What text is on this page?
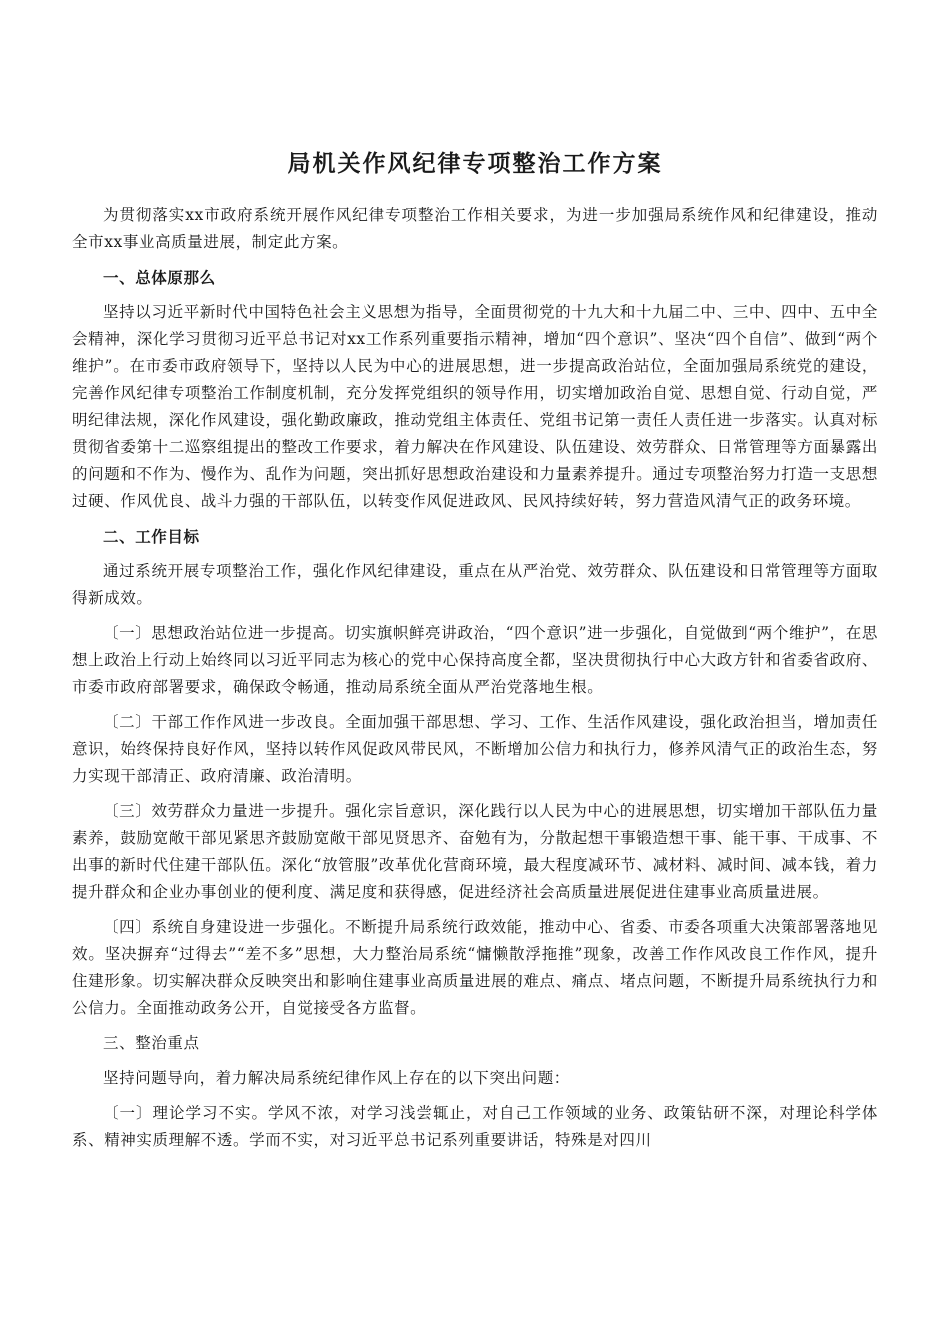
局机关作风纪律专项整治工作方案

为贯彻落实xx市政府系统开展作风纪律专项整治工作相关要求，为进一步加强局系统作风和纪律建设，推动全市xx事业高质量进展，制定此方案。

一、总体原那么

坚持以习近平新时代中国特色社会主义思想为指导，全面贯彻党的十九大和十九届二中、三中、四中、五中全会精神，深化学习贯彻习近平总书记对xx工作系列重要指示精神，增加“四个意识”、坚决“四个自信”、做到“两个维护”。在市委市政府领导下，坚持以人民为中心的进展思想，进一步提高政治站位，全面加强局系统党的建设，完善作风纪律专项整治工作制度机制，充分发挥党组织的领导作用，切实增加政治自觉、思想自觉、行动自觉，严明纪律法规，深化作风建设，强化勤政廉政，推动党组主体责任、党组书记第一责任人责任进一步落实。认真对标贯彻省委第十二巡察组提出的整改工作要求，着力解决在作风建设、队伍建设、效劳群众、日常管理等方面暴露出的问题和不作为、慢作为、乱作为问题，突出抓好思想政治建设和力量素养提升。通过专项整治努力打造一支思想过硬、作风优良、战斗力强的干部队伍，以转变作风促进政风、民风持续好转，努力营造风清气正的政务环境。

二、工作目标

通过系统开展专项整治工作，强化作风纪律建设，重点在从严治党、效劳群众、队伍建设和日常管理等方面取得新成效。

〔一〕思想政治站位进一步提高。切实旗帜鲜亮讲政治，“四个意识”进一步强化，自觉做到“两个维护”，在思想上政治上行动上始终同以习近平同志为核心的党中心保持高度全都，坚决贯彻执行中心大政方针和省委省政府、市委市政府部署要求，确保政令畅通，推动局系统全面从严治党落地生根。

〔二〕干部工作作风进一步改良。全面加强干部思想、学习、工作、生活作风建设，强化政治担当，增加责任意识，始终保持良好作风，坚持以转作风促政风带民风，不断增加公信力和执行力，修养风清气正的政治生态，努力实现干部清正、政府清廉、政治清明。

〔三〕效劳群众力量进一步提升。强化宗旨意识，深化践行以人民为中心的进展思想，切实增加干部队伍力量素养，鼓励宽敞干部见紧思齐鼓励宽敞干部见贤思齐、奋勉有为，分散起想干事锻造想干事、能干事、干成事、不出事的新时代住建干部队伍。深化“放管服”改革优化营商环境，最大程度减环节、减材料、减时间、减本钱，着力提升群众和企业办事创业的便利度、满足度和获得感，促进经济社会高质量进展促进住建事业高质量进展。

〔四〕系统自身建设进一步强化。不断提升局系统行政效能，推动中心、省委、市委各项重大决策部署落地见效。坚决摒弃“过得去”“差不多”思想，大力整治局系统“慵懒散浮拖推”现象，改善工作作风改良工作作风，提升住建形象。切实解决群众反映突出和影响住建事业高质量进展的难点、痛点、堵点问题，不断提升局系统执行力和公信力。全面推动政务公开，自觉接受各方监督。

三、整治重点

坚持问题导向，着力解决局系统纪律作风上存在的以下突出问题：

〔一〕理论学习不实。学风不浓，对学习浅尝辄止，对自己工作领域的业务、政策钻研不深，对理论科学体系、精神实质理解不透。学而不实，对习近平总书记系列重要讲话，特殊是对四川
